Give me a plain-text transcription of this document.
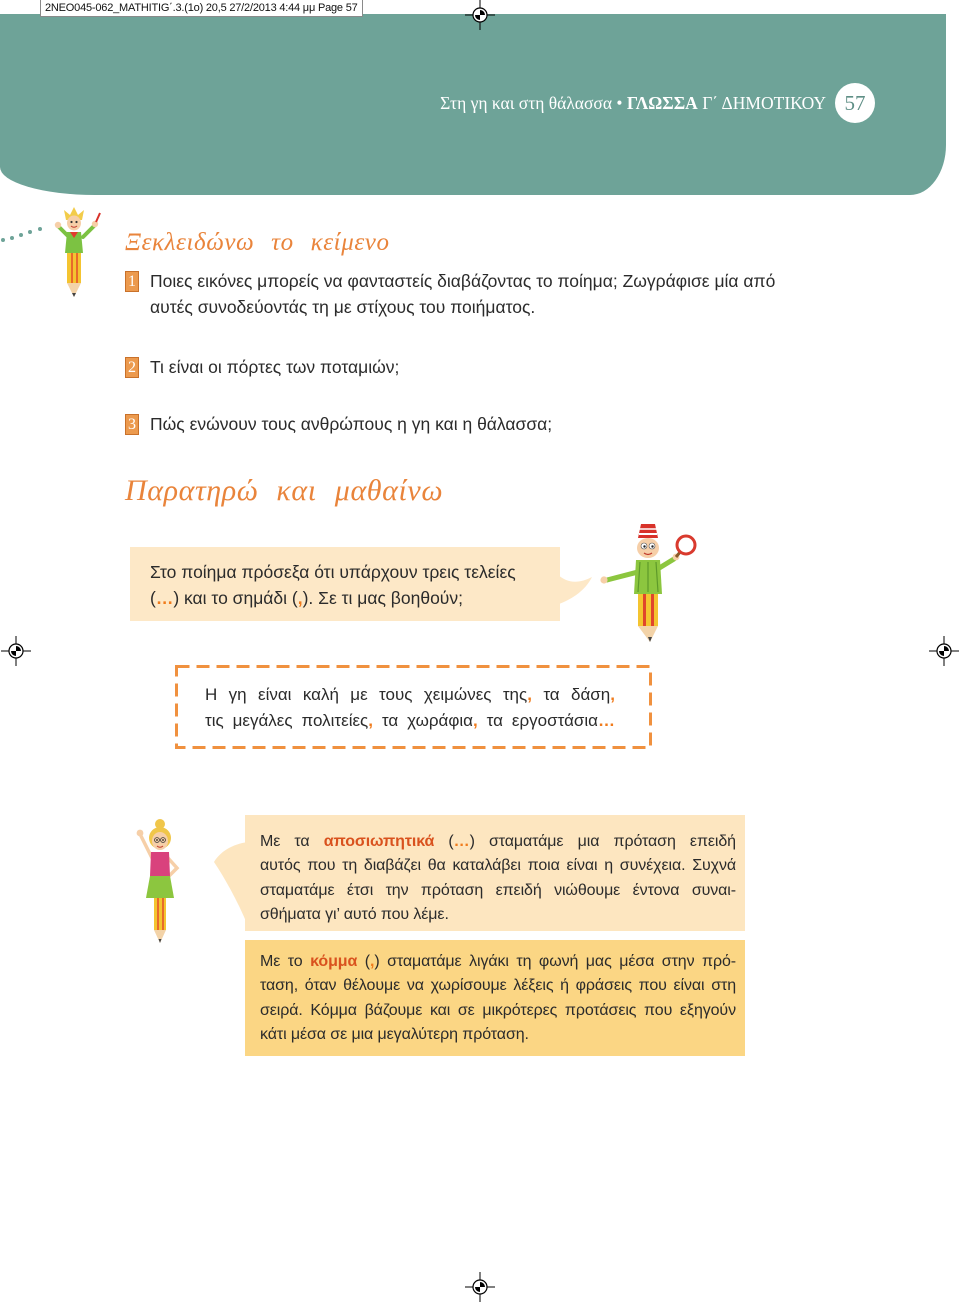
2NEO045-062_MATHITIG΄.3.(1o) 20,5 27/2/2013 4:44 μμ Page 57
Στη γη και στη θάλασσα • ΓΛΩΣΣΑ Γ΄ ΔΗΜΟΤΙΚΟΥ 57
Ξεκλειδώνω το κείμενο
1 Ποιες εικόνες μπορείς να φανταστείς διαβάζοντας το ποίημα; Ζωγράφισε μία από
αυτές συνοδεύοντάς τη με στίχους του ποιήματος.
2 Τι είναι οι πόρτες των ποταμιών;
3 Πώς ενώνουν τους ανθρώπους η γη και η θάλασσα;
Παρατηρώ και μαθαίνω
Στο ποίημα πρόσεξα ότι υπάρχουν τρεις τελείες
(…) και το σημάδι (,). Σε τι μας βοηθούν;
Η γη είναι καλή με τους χειμώνες της, τα δάση,
τις μεγάλες πολιτείες, τα χωράφια, τα εργοστάσια…
Με τα αποσιωπητικά (…) σταματάμε μια πρόταση επειδή
αυτός που τη διαβάζει θα καταλάβει ποια είναι η συνέχεια. Συχνά
σταματάμε έτσι την πρόταση επειδή νιώθουμε έντονα συναι-
σθήματα γι’ αυτό που λέμε.
Με το κόμμα (,) σταματάμε λιγάκι τη φωνή μας μέσα στην πρό-
ταση, όταν θέλουμε να χωρίσουμε λέξεις ή φράσεις που είναι στη
σειρά. Κόμμα βάζουμε και σε μικρότερες προτάσεις που εξηγούν
κάτι μέσα σε μια μεγαλύτερη πρόταση.
